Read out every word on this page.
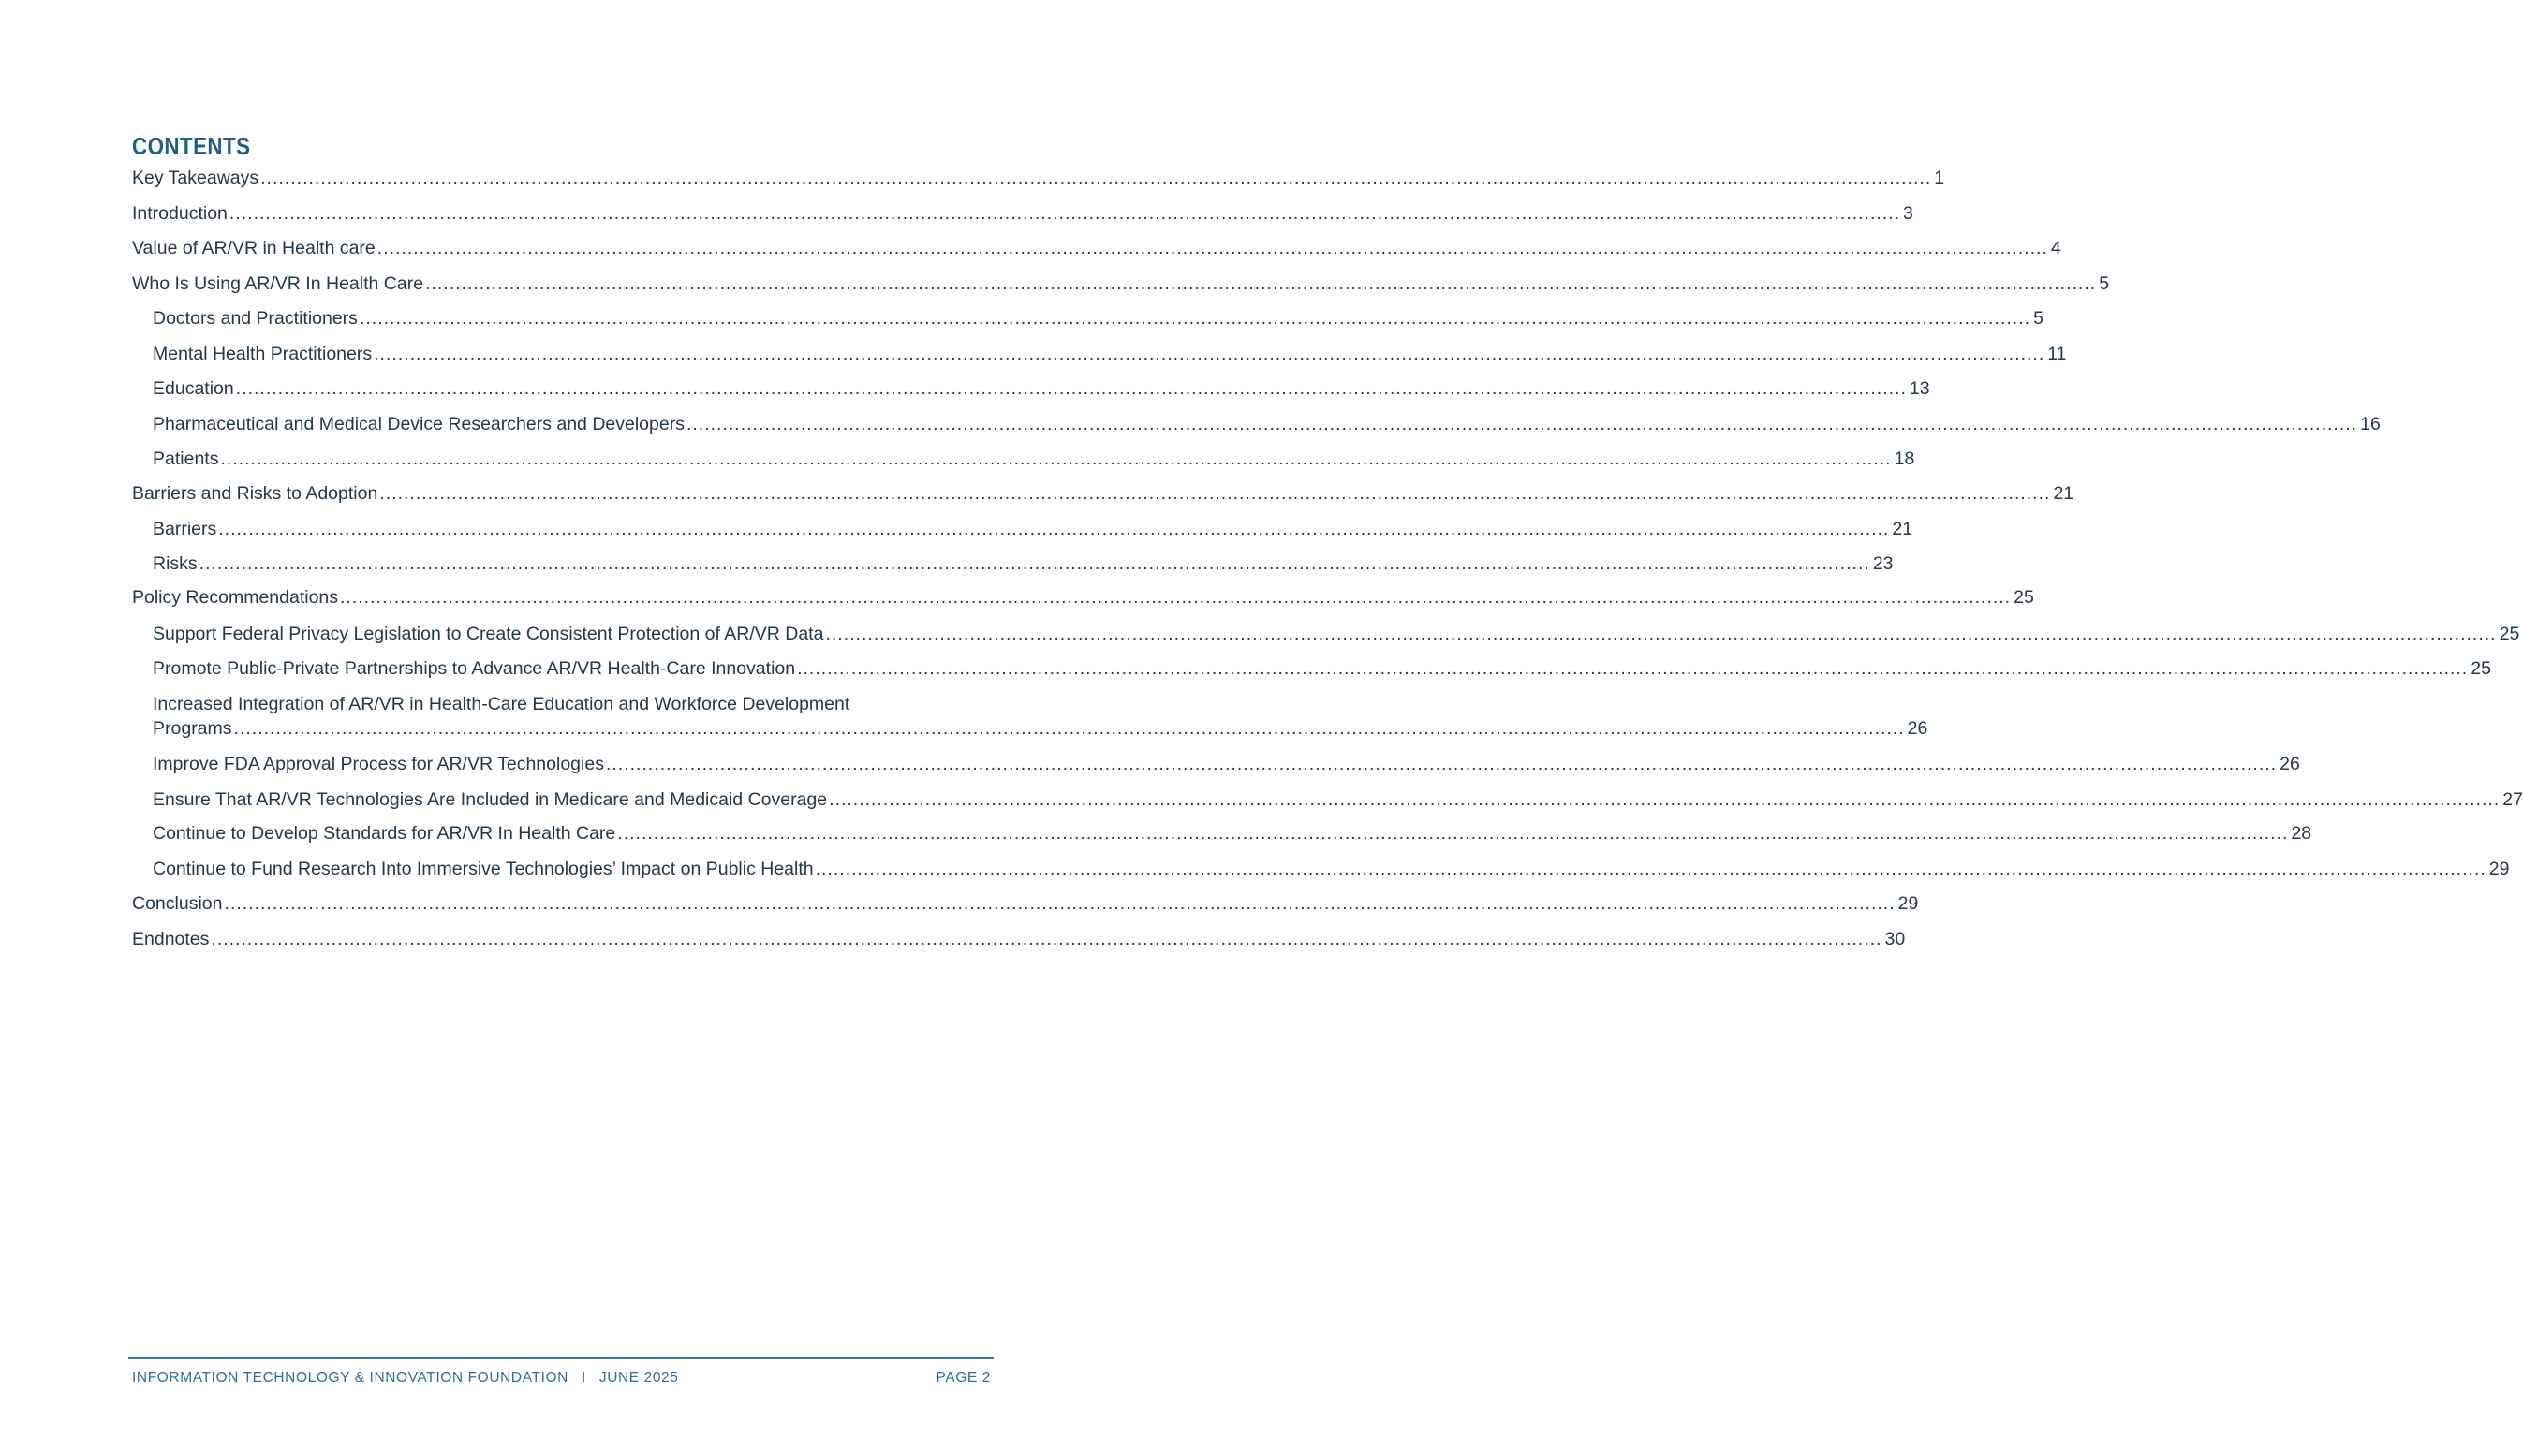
CONTENTS
Key Takeaways .....	1
Introduction .....	3
Value of AR/VR in Health care .....	4
Who Is Using AR/VR In Health Care .....	5
Doctors and Practitioners .....	5
Mental Health Practitioners .....	11
Education .....	13
Pharmaceutical and Medical Device Researchers and Developers .....	16
Patients .....	18
Barriers and Risks to Adoption .....	21
Barriers .....	21
Risks .....	23
Policy Recommendations .....	25
Support Federal Privacy Legislation to Create Consistent Protection of AR/VR Data .....	25
Promote Public-Private Partnerships to Advance AR/VR Health-Care Innovation .....	25
Increased Integration of AR/VR in Health-Care Education and Workforce Development
Programs .....	26
Improve FDA Approval Process for AR/VR Technologies .....	26
Ensure That AR/VR Technologies Are Included in Medicare and Medicaid Coverage .....	27
Continue to Develop Standards for AR/VR In Health Care .....	28
Continue to Fund Research Into Immersive Technologies’ Impact on Public Health .....	29
Conclusion .....	29
Endnotes .....	30
INFORMATION TECHNOLOGY & INNOVATION FOUNDATION I JUNE 2025	PAGE 2
